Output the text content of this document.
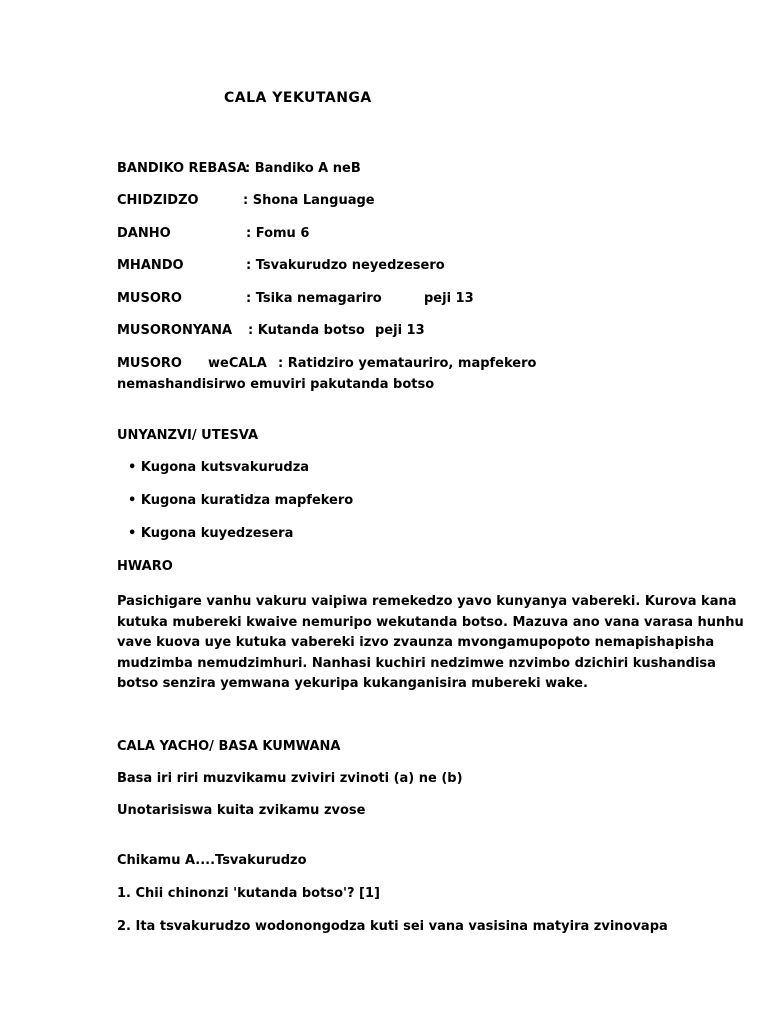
CALA YEKUTANGA
BANDIKO REBASA
: Bandiko A neB
CHIDZIDZO	: Shona Language
DANHO	: Fomu 6
MHANDO	: Tsvakurudzo neyedzesero
MUSORO	: Tsika nemagariro	peji 13
MUSORONYANA : Kutanda botso peji 13
MUSORO weCALA : Ratidziro yemataurir​o, mapfekero
nemashandisirwo emuviri pakutanda botso
UNYANZVI/ UTESVA
• Kugona kutsvakurudza
• Kugona kuratidza mapfekero
• Kugona kuyedzesera
HWARO

Pasichigare vanhu vakuru vaipiwa remekedzo yavo kunyanya vabereki. Kurova kana

kutuka mubereki kwaive nemuripo wekutanda botso. Mazuva ano vana varasa hunhu

vave kuova uye kutuka vabereki izvo zvaunza mvongamupopoto nemapishapisha

mudzimba nemudzimhuri. Nanhasi kuchiri nedzimwe nzvimbo dzichiri kushandisa

botso senzira yemwana yekuripa kukanganisira mubereki wake.

CALA YACHO/ BASA KUMWANA
Basa iri riri muzvikamu zviviri zvinoti (a) ne (b)
Unotarisiswa kuita zvikamu zvose
Chikamu A....Tsvakurudzo
1. Chii chinonzi 'kutanda botso'? [1]
2. Ita tsvakurudzo wodonongodza kuti sei vana vasisina matyira zvinovapa
